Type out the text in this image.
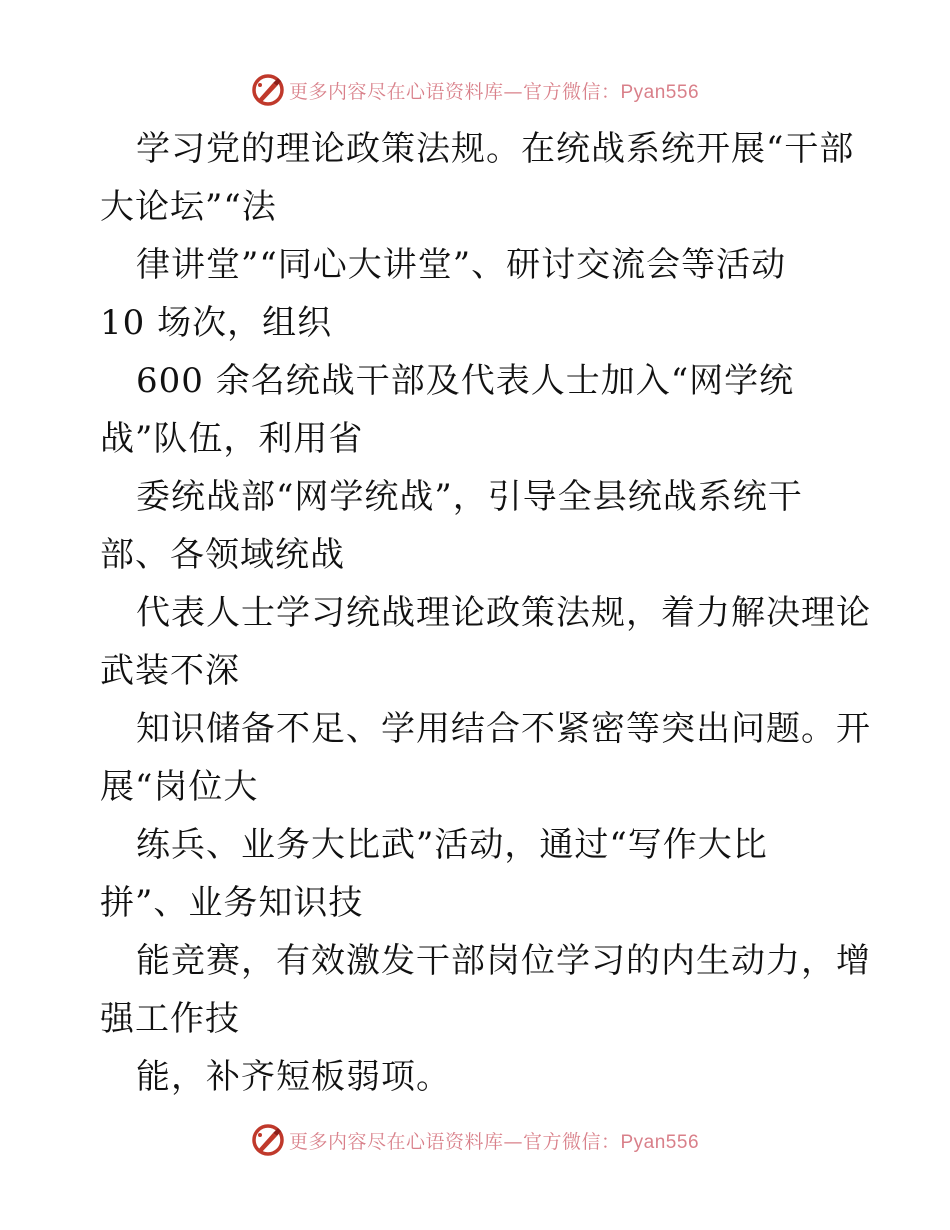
更多内容尽在心语资料库—官方微信：Pyan556
学习党的理论政策法规。在统战系统开展“干部
大论坛”“法
律讲堂”“同心大讲堂”、研讨交流会等活动
10 场次，组织
600 余名统战干部及代表人士加入“网学统
战”队伍，利用省
委统战部“网学统战”，引导全县统战系统干
部、各领域统战
代表人士学习统战理论政策法规，着力解决理论
武装不深
知识储备不足、学用结合不紧密等突出问题。开
展“岗位大
练兵、业务大比武”活动，通过“写作大比
拼”、业务知识技
能竞赛，有效激发干部岗位学习的内生动力，增
强工作技
能，补齐短板弱项。
更多内容尽在心语资料库—官方微信：Pyan556
